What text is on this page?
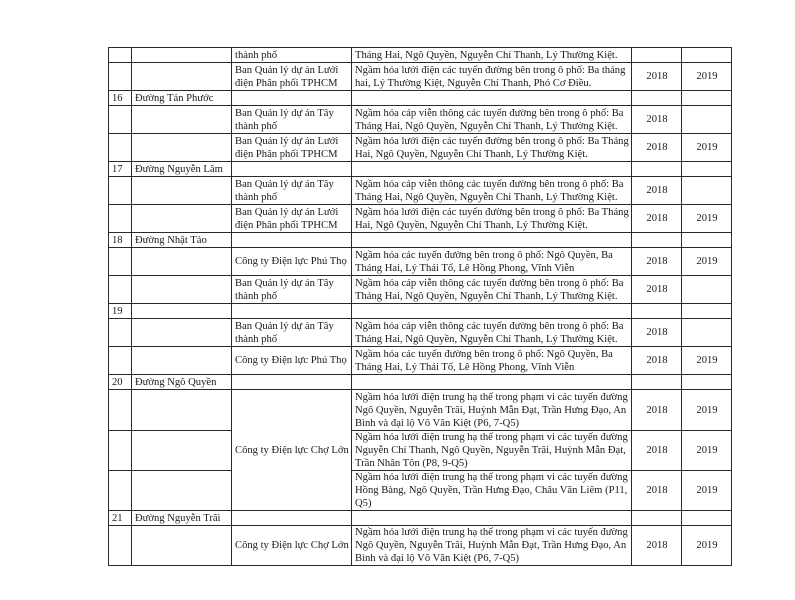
		thành phố	Tháng Hai, Ngô Quyền, Nguyễn Chí Thanh, Lý Thường Kiệt.		
		Ban Quản lý dự án Lưới điện Phân phối TPHCM	Ngầm hóa lưới điện các tuyến đường bên trong ô phố: Ba tháng hai, Lý Thường Kiệt, Nguyễn Chí Thanh, Phó Cơ Điều.	2018	2019
16	Đường Tản Phước				
		Ban Quản lý dự án Tây thành phố	Ngầm hóa cáp viễn thông các tuyến đường bên trong ô phố: Ba Tháng Hai, Ngô Quyền, Nguyễn Chí Thanh, Lý Thường Kiệt.	2018	
		Ban Quản lý dự án Lưới điện Phân phối TPHCM	Ngầm hóa lưới điện các tuyến đường bên trong ô phố: Ba Tháng Hai, Ngô Quyền, Nguyễn Chí Thanh, Lý Thường Kiệt.	2018	2019
17	Đường Nguyễn Lâm				
		Ban Quản lý dự án Tây thành phố	Ngầm hóa cáp viễn thông các tuyến đường bên trong ô phố: Ba Tháng Hai, Ngô Quyền, Nguyễn Chí Thanh, Lý Thường Kiệt.	2018	
		Ban Quản lý dự án Lưới điện Phân phối TPHCM	Ngầm hóa lưới điện các tuyến đường bên trong ô phố: Ba Tháng Hai, Ngô Quyền, Nguyễn Chí Thanh, Lý Thường Kiệt.	2018	2019
18	Đường Nhật Tảo				
		Công ty Điện lực Phú Thọ	Ngầm hóa các tuyến đường bên trong ô phố: Ngô Quyền, Ba Tháng Hai, Lý Thái Tổ, Lê Hồng Phong, Vĩnh Viễn	2018	2019
		Ban Quản lý dự án Tây thành phố	Ngầm hóa cáp viễn thông các tuyến đường bên trong ô phố: Ba Tháng Hai, Ngô Quyền, Nguyễn Chí Thanh, Lý Thường Kiệt.	2018	
19					
		Ban Quản lý dự án Tây thành phố	Ngầm hóa cáp viễn thông các tuyến đường bên trong ô phố: Ba Tháng Hai, Ngô Quyền, Nguyễn Chí Thanh, Lý Thường Kiệt.	2018	
		Công ty Điện lực Phú Thọ	Ngầm hóa các tuyến đường bên trong ô phố: Ngô Quyền, Ba Tháng Hai, Lý Thái Tổ, Lê Hồng Phong, Vĩnh Viễn	2018	2019
20	Đường Ngô Quyền				
		Công ty Điện lực Chợ Lớn	Ngầm hóa lưới điện trung hạ thế trong phạm vi các tuyến đường Ngô Quyền, Nguyễn Trãi, Huỳnh Mẫn Đạt, Trần Hưng Đạo, An Bình và đại lộ Võ Văn Kiệt (P6, 7-Q5)	2018	2019
			Ngầm hóa lưới điện trung hạ thế trong phạm vi các tuyến đường Nguyễn Chí Thanh, Ngô Quyền, Nguyễn Trãi, Huỳnh Mẫn Đạt, Trần Nhân Tôn (P8, 9-Q5)	2018	2019
			Ngầm hóa lưới điện trung hạ thế trong phạm vi các tuyến đường Hồng Bàng, Ngô Quyền, Trần Hưng Đạo, Châu Văn Liêm (P11, Q5)	2018	2019
21	Đường Nguyễn Trãi				
		Công ty Điện lực Chợ Lớn	Ngầm hóa lưới điện trung hạ thế trong phạm vi các tuyến đường Ngô Quyền, Nguyễn Trãi, Huỳnh Mẫn Đạt, Trần Hưng Đạo, An Bình và đại lộ Võ Văn Kiệt (P6, 7-Q5)	2018	2019
